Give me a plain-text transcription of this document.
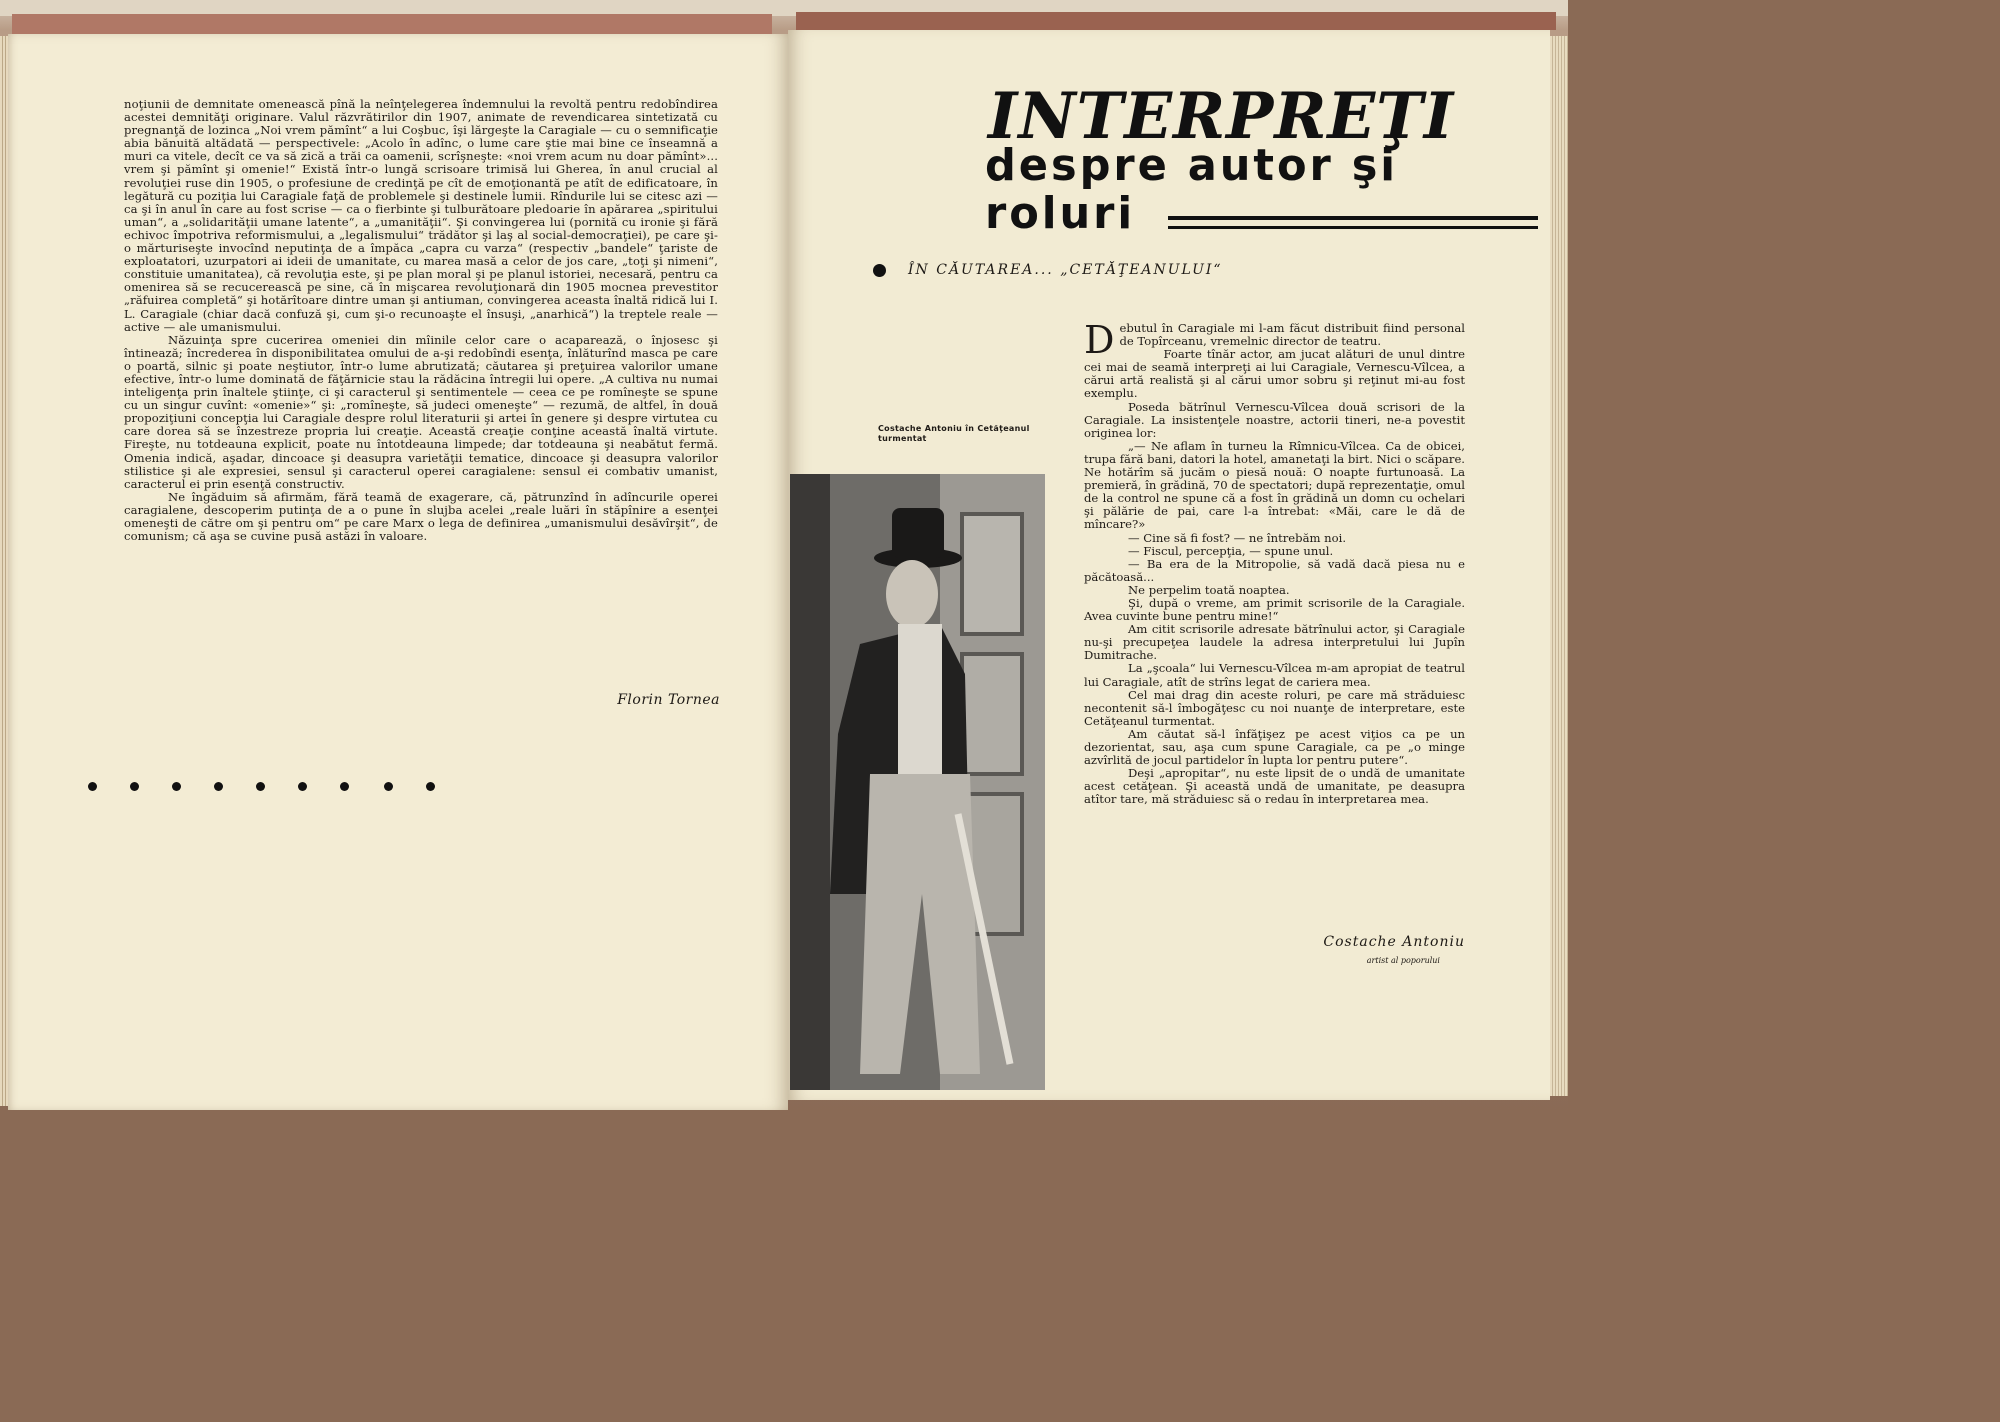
noţiunii de demnitate omenească pînă la neînţelegerea îndemnului la revoltă pentru redobîndirea acestei demnităţi originare. Valul răzvrătirilor din 1907, animate de revendicarea sintetizată cu pregnanţă de lozinca „Noi vrem pămînt“ a lui Coşbuc, îşi lărgeşte la Caragiale — cu o semnificaţie abia bănuită altădată — perspectivele: „Acolo în adînc, o lume care ştie mai bine ce înseamnă a muri ca vitele, decît ce va să zică a trăi ca oamenii, scrîşneşte: «noi vrem acum nu doar pămînt»... vrem şi pămînt şi omenie!“ Există într-o lungă scrisoare trimisă lui Gherea, în anul crucial al revoluţiei ruse din 1905, o profesiune de credinţă pe cît de emoţionantă pe atît de edificatoare, în legătură cu poziţia lui Caragiale faţă de problemele şi destinele lumii. Rîndurile lui se citesc azi — ca şi în anul în care au fost scrise — ca o fierbinte şi tulburătoare pledoarie în apărarea „spiritului uman“, a „solidarităţii umane latente“, a „umanităţii“. Şi convingerea lui (pornită cu ironie şi fără echivoc împotriva reformismului, a „legalismului“ trădător şi laş al social-democraţiei), pe care şi-o mărturiseşte invocînd neputinţa de a împăca „capra cu varza“ (respectiv „bandele“ ţariste de exploatatori, uzurpatori ai ideii de umanitate, cu marea masă a celor de jos care, „toţi şi nimeni“, constituie umanitatea), că revoluţia este, şi pe plan moral şi pe planul istoriei, necesară, pentru ca omenirea să se recucerească pe sine, că în mişcarea revoluţionară din 1905 mocnea prevestitor „răfuirea completă“ şi hotărîtoare dintre uman şi antiuman, convingerea aceasta înaltă ridică lui I. L. Caragiale (chiar dacă confuză şi, cum şi-o recunoaşte el însuşi, „anarhică“) la treptele reale — active — ale umanismului.

Năzuinţa spre cucerirea omeniei din mîinile celor care o acaparează, o înjosesc şi întinează; încrederea în disponibilitatea omului de a-şi redobîndi esenţa, înlăturînd masca pe care o poartă, silnic şi poate neştiutor, într-o lume abrutizată; căutarea şi preţuirea valorilor umane efective, într-o lume dominată de făţărnicie stau la rădăcina întregii lui opere. „A cultiva nu numai inteligenţa prin înaltele ştiinţe, ci şi caracterul şi sentimentele — ceea ce pe romîneşte se spune cu un singur cuvînt: «omenie»“ şi: „romîneşte, să judeci omeneşte“ — rezumă, de altfel, în două propoziţiuni concepţia lui Caragiale despre rolul literaturii şi artei în genere şi despre virtutea cu care dorea să se înzestreze propria lui creaţie. Această creaţie conţine această înaltă virtute. Fireşte, nu totdeauna explicit, poate nu întotdeauna limpede; dar totdeauna şi neabătut fermă. Omenia indică, aşadar, dincoace şi deasupra varietăţii tematice, dincoace şi deasupra valorilor stilistice şi ale expresiei, sensul şi caracterul operei caragialene: sensul ei combativ umanist, caracterul ei prin esenţă constructiv.

Ne îngăduim să afirmăm, fără teamă de exagerare, că, pătrunzînd în adîncurile operei caragialene, descoperim putinţa de a o pune în slujba acelei „reale luări în stăpînire a esenţei omeneşti de către om şi pentru om“ pe care Marx o lega de definirea „umanismului desăvîrşit“, de comunism; că aşa se cuvine pusă astăzi în valoare.

Florin Tornea
INTERPREŢI
despre autor şi roluri
ÎN CĂUTAREA... „CETĂŢEANULUI“
Costache Antoniu în Cetăţeanul turmentat

Debutul în Caragiale mi l-am făcut distribuit fiind personal de Topîrceanu, vremelnic director de teatru.

Foarte tînăr actor, am jucat alături de unul dintre cei mai de seamă interpreţi ai lui Caragiale, Vernescu-Vîlcea, a cărui artă realistă şi al cărui umor sobru şi reţinut mi-au fost exemplu.

Poseda bătrînul Vernescu-Vîlcea două scrisori de la Caragiale. La insistenţele noastre, actorii tineri, ne-a povestit originea lor:

„— Ne aflam în turneu la Rîmnicu-Vîlcea. Ca de obicei, trupa fără bani, datori la hotel, amanetaţi la birt. Nici o scăpare. Ne hotărîm să jucăm o piesă nouă: O noapte furtunoasă. La premieră, în grădină, 70 de spectatori; după reprezentaţie, omul de la control ne spune că a fost în grădină un domn cu ochelari şi pălărie de pai, care l-a întrebat: «Măi, care le dă de mîncare?»

— Cine să fi fost? — ne întrebăm noi.

— Fiscul, percepţia, — spune unul.

— Ba era de la Mitropolie, să vadă dacă piesa nu e păcătoasă...

Ne perpelim toată noaptea.

Şi, după o vreme, am primit scrisorile de la Caragiale. Avea cuvinte bune pentru mine!“

Am citit scrisorile adresate bătrînului actor, şi Caragiale nu-şi precupeţea laudele la adresa interpretului lui Jupîn Dumitrache.

La „şcoala“ lui Vernescu-Vîlcea m-am apropiat de teatrul lui Caragiale, atît de strîns legat de cariera mea.

Cel mai drag din aceste roluri, pe care mă străduiesc necontenit să-l îmbogăţesc cu noi nuanţe de interpretare, este Cetăţeanul turmentat.

Am căutat să-l înfăţişez pe acest viţios ca pe un dezorientat, sau, aşa cum spune Caragiale, ca pe „o minge azvîrlită de jocul partidelor în lupta lor pentru putere“.

Deşi „apropitar“, nu este lipsit de o undă de umanitate acest cetăţean. Şi această undă de umanitate, pe deasupra atîtor tare, mă străduiesc să o redau în interpretarea mea.

Costache Antoniu
artist al poporului
